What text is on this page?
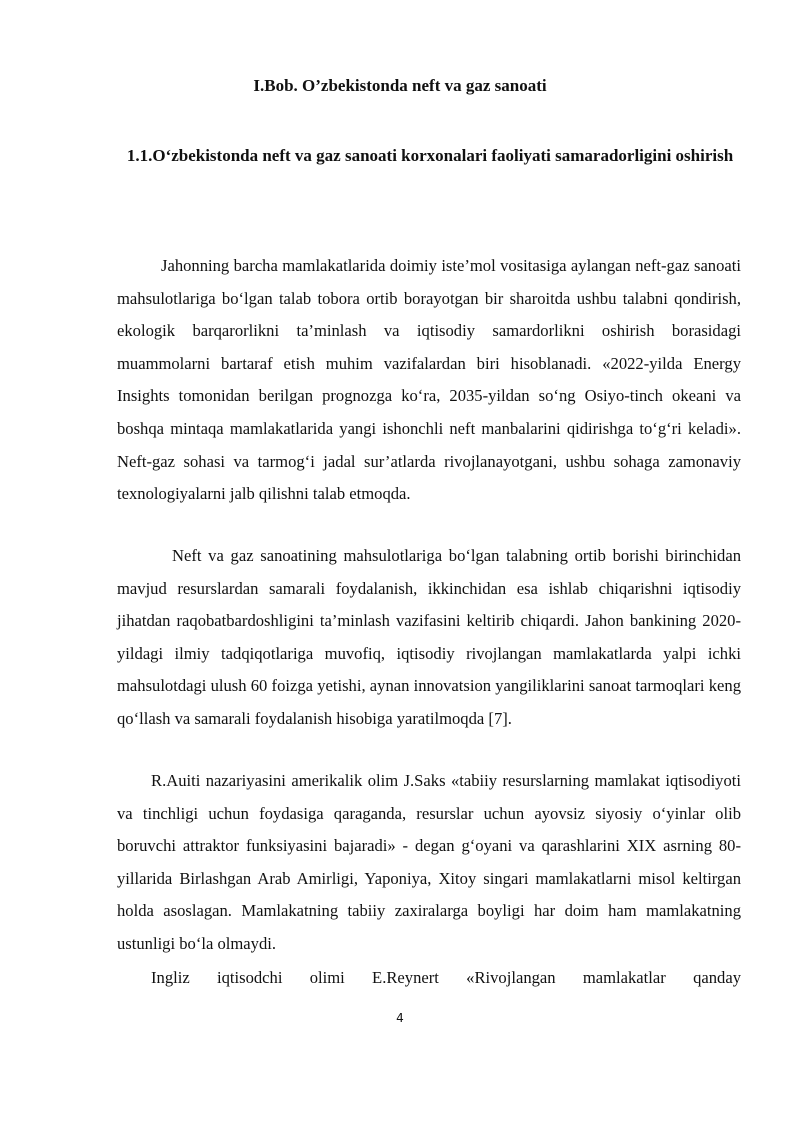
I.Bob. O’zbekistonda neft va gaz sanoati
1.1.O‘zbekistonda neft va gaz sanoati korxonalari faoliyati samaradorligini oshirish

Jahonning barcha mamlakatlarida doimiy iste’mol vositasiga aylangan neft-gaz sanoati mahsulotlariga bo‘lgan talab tobora ortib borayotgan bir sharoitda ushbu talabni qondirish, ekologik barqarorlikni ta’minlash va iqtisodiy samardorlikni oshirish borasidagi muammolarni bartaraf etish muhim vazifalardan biri hisoblanadi. «2022-yilda Energy Insights tomonidan berilgan prognozga ko‘ra, 2035-yildan so‘ng Osiyo-tinch okeani va boshqa mintaqa mamlakatlarida yangi ishonchli neft manbalarini qidirishga to‘g‘ri keladi». Neft-gaz sohasi va tarmog‘i jadal sur’atlarda rivojlanayotgani, ushbu sohaga zamonaviy texnologiyalarni jalb qilishni talab etmoqda.

Neft va gaz sanoatining mahsulotlariga bo‘lgan talabning ortib borishi birinchidan mavjud resurslardan samarali foydalanish, ikkinchidan esa ishlab chiqarishni iqtisodiy jihatdan raqobatbardoshligini ta’minlash vazifasini keltirib chiqardi. Jahon bankining 2020-yildagi ilmiy tadqiqotlariga muvofiq, iqtisodiy rivojlangan mamlakatlarda yalpi ichki mahsulotdagi ulush 60 foizga yetishi, aynan innovatsion yangiliklarini sanoat tarmoqlari keng qo‘llash va samarali foydalanish hisobiga yaratilmoqda [7].

R.Auiti nazariyasini amerikalik olim J.Saks «tabiiy resurslarning mamlakat iqtisodiyoti va tinchligi uchun foydasiga qaraganda, resurslar uchun ayovsiz siyosiy o‘yinlar olib boruvchi attraktor funksiyasini bajaradi» - degan g‘oyani va qarashlarini XIX asrning 80-yillarida Birlashgan Arab Amirligi, Yaponiya, Xitoy singari mamlakatlarni misol keltirgan holda asoslagan. Mamlakatning tabiiy zaxiralarga boyligi har doim ham mamlakatning ustunligi bo‘la olmaydi.

Ingliz iqtisodchi olimi E.Reynert «Rivojlangan mamlakatlar qanday

4
